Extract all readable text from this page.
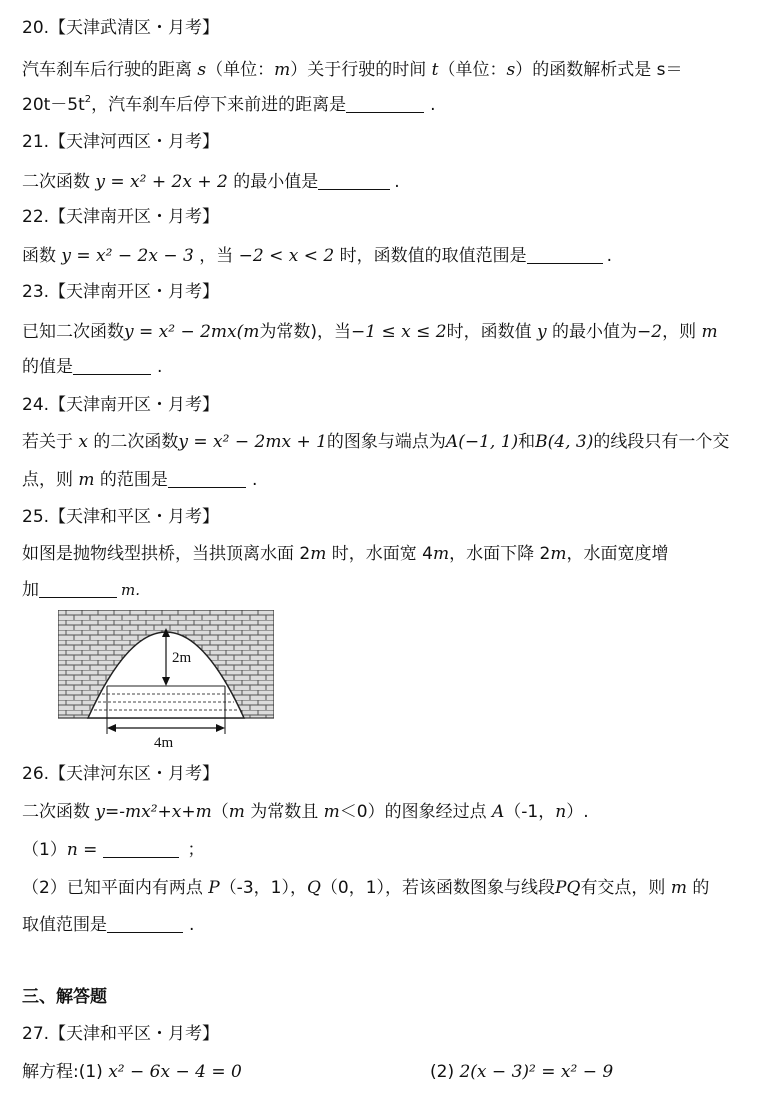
20.【天津武清区・月考】
汽车刹车后行驶的距离 s（单位：m）关于行驶的时间 t（单位：s）的函数解析式是 s＝
$20t-5t^2$，汽车刹车后停下来前进的距离是	.
21.【天津河西区・月考】
二次函数 y = x² + 2x + 2 的最小值是	.
22.【天津南开区・月考】
函数 y = x² − 2x − 3 ，当 −2 < x < 2 时，函数值的取值范围是	.
23.【天津南开区・月考】
已知二次函数y = x² − 2mx(m为常数)，当−1 ≤ x ≤ 2时，函数值 y 的最小值为−2，则 m
的值是	.
24.【天津南开区・月考】
若关于 x 的二次函数y = x² − 2mx + 1的图象与端点为A(−1, 1)和B(4, 3)的线段只有一个交
点，则 m 的范围是	.
25.【天津和平区・月考】
如图是抛物线型拱桥，当拱顶离水面 2m 时，水面宽 4m，水面下降 2m，水面宽度增
加	m.
2m
4m
26.【天津河东区・月考】
二次函数 y=-mx²+x+m（m 为常数且 m＜0）的图象经过点 A（-1，n）.
（1）n =	；
（2）已知平面内有两点 P（-3，1），Q（0，1），若该函数图象与线段PQ有交点，则 m 的
取值范围是	.
三、解答题
27.【天津和平区・月考】
解方程:(1) x² − 6x − 4 = 0	(2) 2(x − 3)² = x² − 9
